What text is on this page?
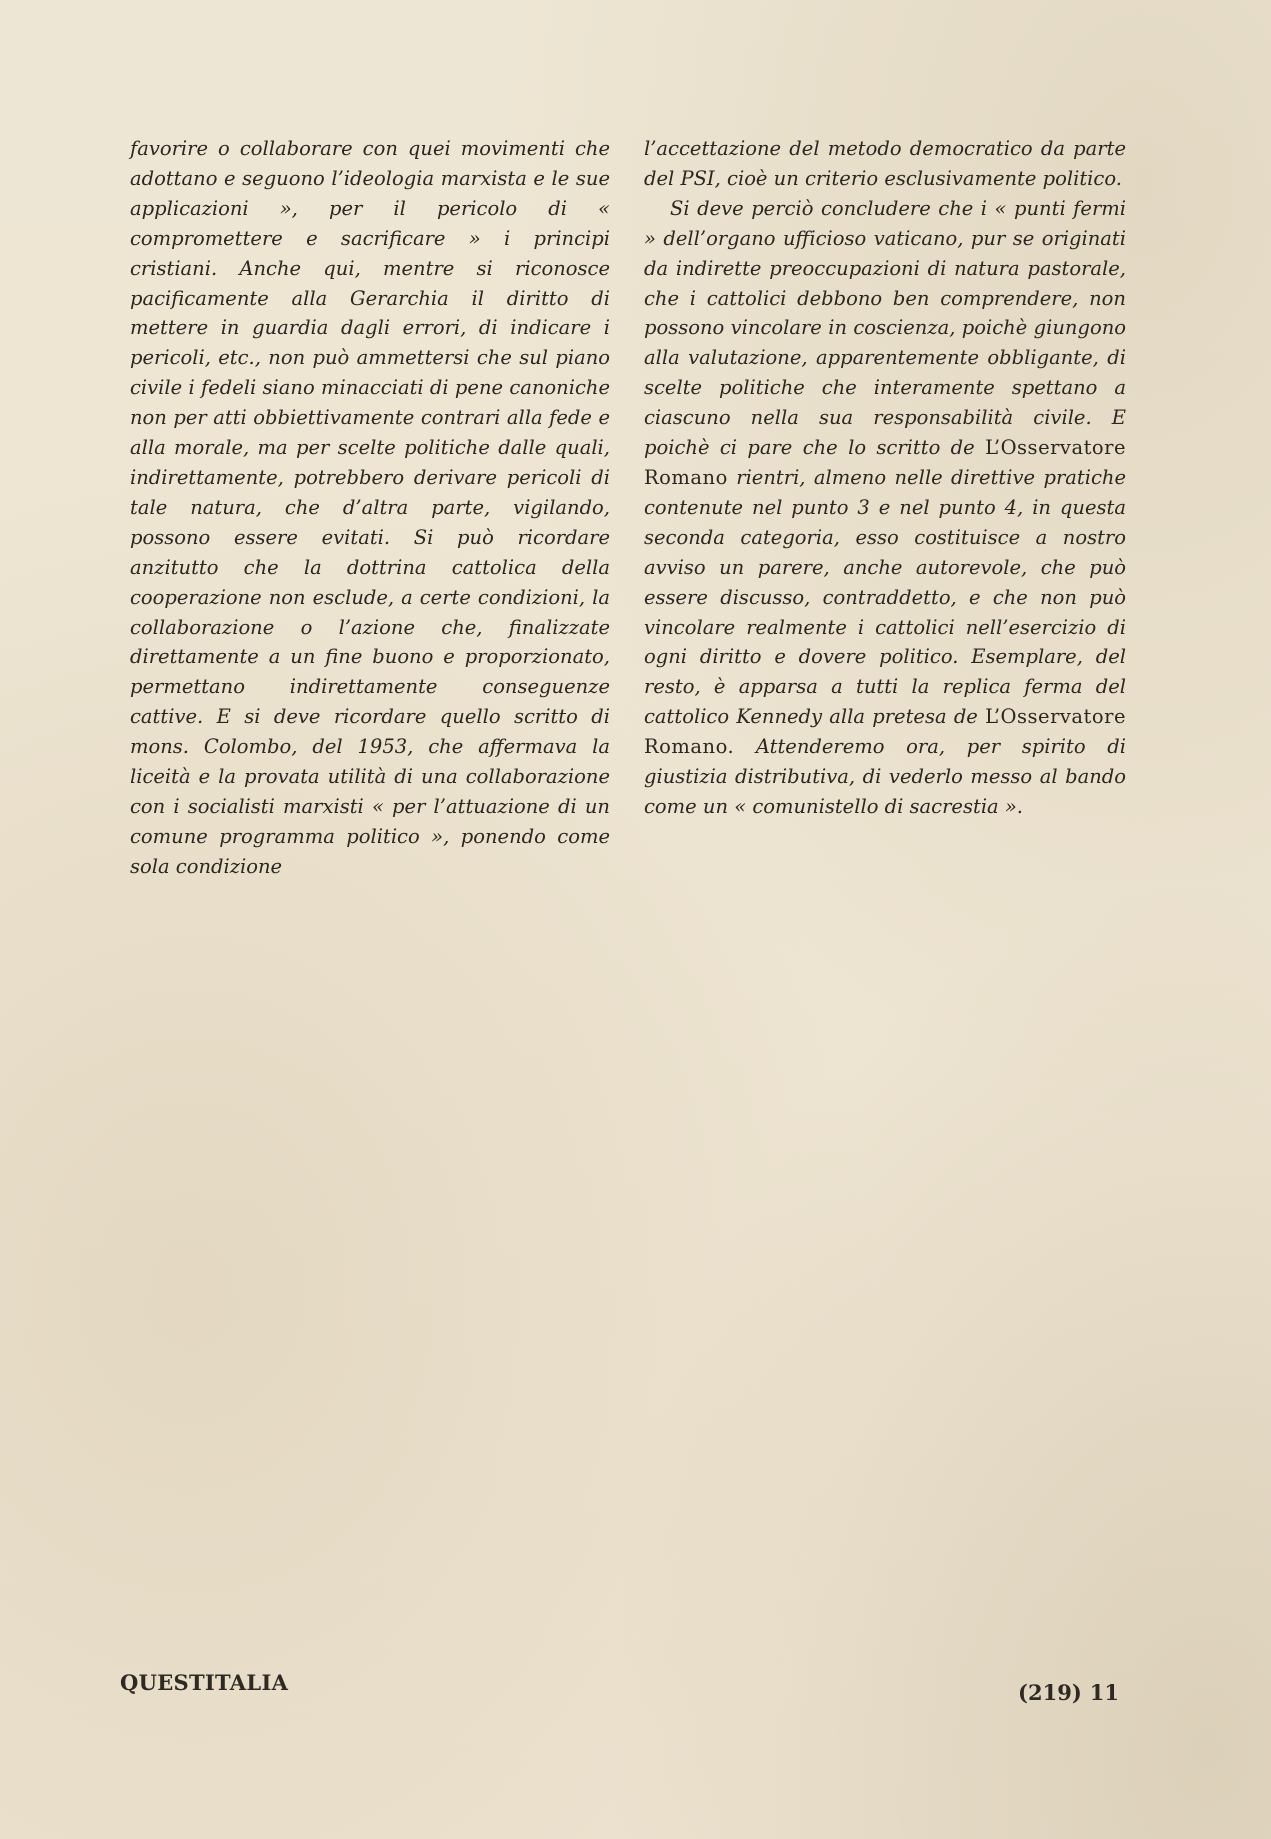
favorire o collaborare con quei movimenti che adottano e seguono l’ideologia marxista e le sue applicazioni », per il pericolo di « compromettere e sacrificare » i principi cristiani. Anche qui, mentre si riconosce pacificamente alla Gerarchia il diritto di mettere in guardia dagli errori, di indicare i pericoli, etc., non può ammettersi che sul piano civile i fedeli siano minacciati di pene canoniche non per atti obbiettivamente contrari alla fede e alla morale, ma per scelte politiche dalle quali, indirettamente, potrebbero derivare pericoli di tale natura, che d’altra parte, vigilando, possono essere evitati. Si può ricordare anzitutto che la dottrina cattolica della cooperazione non esclude, a certe condizioni, la collaborazione o l’azione che, finalizzate direttamente a un fine buono e proporzionato, permettano indirettamente conseguenze cattive. E si deve ricordare quello scritto di mons. Colombo, del 1953, che affermava la liceità e la provata utilità di una collaborazione con i socialisti marxisti « per l’attuazione di un comune programma politico », ponendo come sola condizione

l’accettazione del metodo democratico da parte del PSI, cioè un criterio esclusivamente politico.

Si deve perciò concludere che i « punti fermi » dell’organo ufficioso vaticano, pur se originati da indirette preoccupazioni di natura pastorale, che i cattolici debbono ben comprendere, non possono vincolare in coscienza, poichè giungono alla valutazione, apparentemente obbligante, di scelte politiche che interamente spettano a ciascuno nella sua responsabilità civile. E poichè ci pare che lo scritto de L’Osservatore Romano rientri, almeno nelle direttive pratiche contenute nel punto 3 e nel punto 4, in questa seconda categoria, esso costituisce a nostro avviso un parere, anche autorevole, che può essere discusso, contraddetto, e che non può vincolare realmente i cattolici nell’esercizio di ogni diritto e dovere politico. Esemplare, del resto, è apparsa a tutti la replica ferma del cattolico Kennedy alla pretesa de L’Osservatore Romano. Attenderemo ora, per spirito di giustizia distributiva, di vederlo messo al bando come un « comunistello di sacrestia ».

QUESTITALIA	(219) 11
